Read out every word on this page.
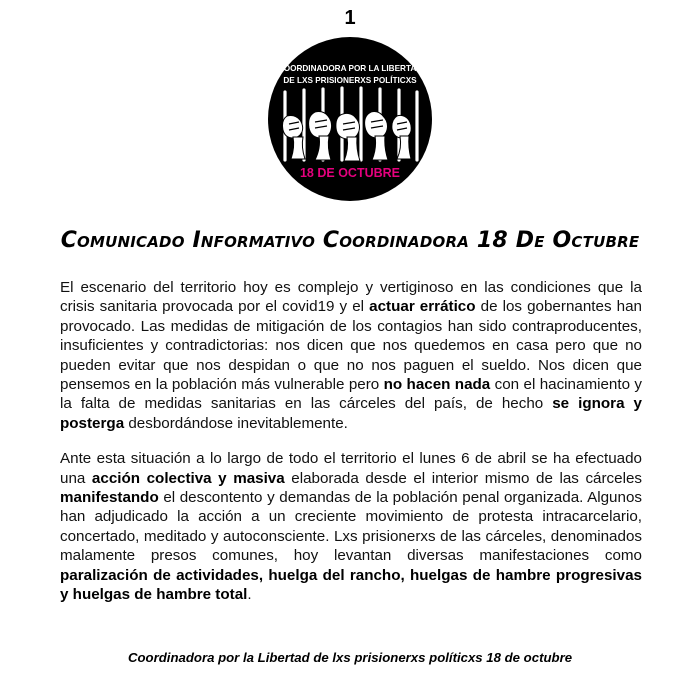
1
COORDINADORA POR LA LIBERTAD
DE LXS PRISIONERXS POLÍTICXS
18 DE OCTUBRE
Comunicado Informativo Coordinadora 18 De Octubre

El escenario del territorio hoy es complejo y vertiginoso en las condiciones que la crisis sanitaria provocada por el covid19 y el actuar errático de los gobernantes han provocado. Las medidas de mitigación de los contagios han sido contraproducentes, insuficientes y contradictorias: nos dicen que nos quedemos en casa pero que no pueden evitar que nos despidan o que no nos paguen el sueldo. Nos dicen que pensemos en la población más vulnerable pero no hacen nada con el hacinamiento y la falta de medidas sanitarias en las cárceles del país, de hecho se ignora y posterga desbordándose inevitablemente.

Ante esta situación a lo largo de todo el territorio el lunes 6 de abril se ha efectuado una acción colectiva y masiva elaborada desde el interior mismo de las cárceles manifestando el descontento y demandas de la población penal organizada. Algunos han adjudicado la acción a un creciente movimiento de protesta intracarcelario, concertado, meditado y autoconsciente. Lxs prisionerxs de las cárceles, denominados malamente presos comunes, hoy levantan diversas manifestaciones como paralización de actividades, huelga del rancho, huelgas de hambre progresivas y huelgas de hambre total.

Coordinadora por la Libertad de lxs prisionerxs políticxs 18 de octubre
